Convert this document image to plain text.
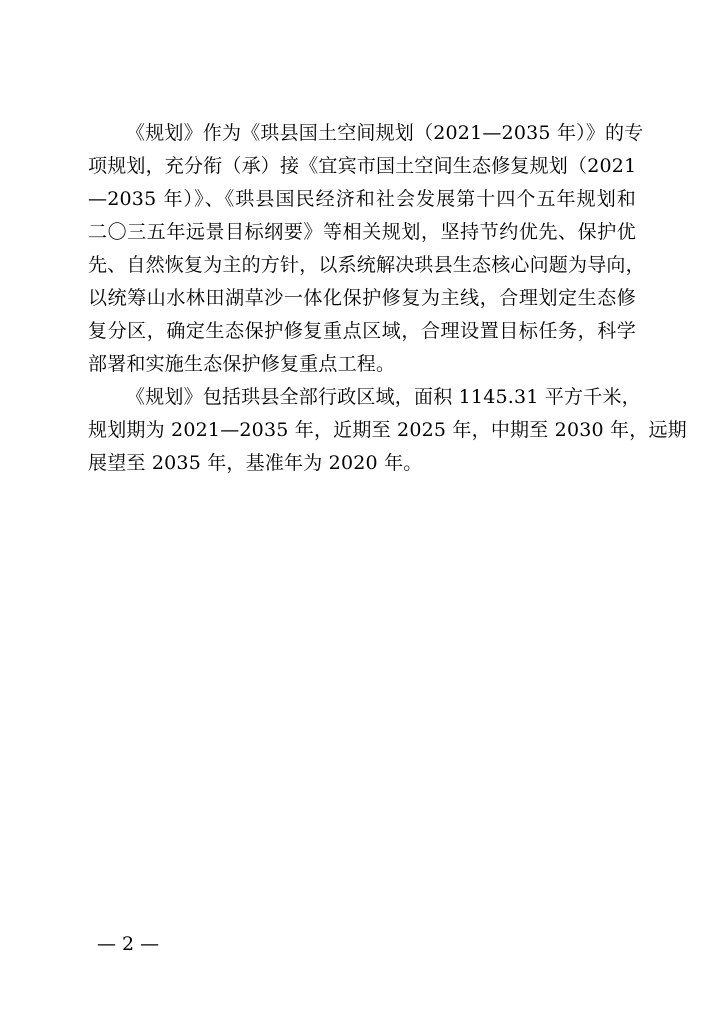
《规划》作为《珙县国土空间规划（2021—2035 年）》的专
项规划，充分衔（承）接《宜宾市国土空间生态修复规划（2021
—2035 年）》、《珙县国民经济和社会发展第十四个五年规划和
二〇三五年远景目标纲要》等相关规划，坚持节约优先、保护优
先、自然恢复为主的方针，以系统解决珙县生态核心问题为导向，
以统筹山水林田湖草沙一体化保护修复为主线，合理划定生态修
复分区，确定生态保护修复重点区域，合理设置目标任务，科学
部署和实施生态保护修复重点工程。
《规划》包括珙县全部行政区域，面积 1145.31 平方千米，
规划期为 2021—2035 年，近期至 2025 年，中期至 2030 年，远期
展望至 2035 年，基准年为 2020 年。
— 2 —
